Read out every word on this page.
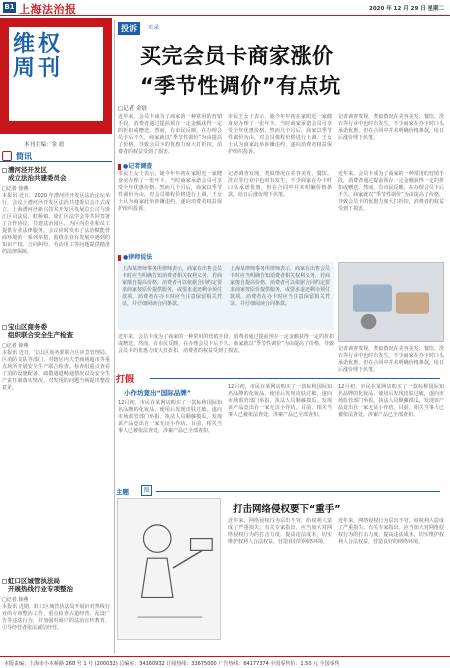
B1 上海法治报	2020 年 12 月 29 日 星期二
维权
周刊
Right-protection Weekly
本刊主编：金 晨
简讯
漕河泾开发区
成立法治共建委员会
□记者 徐燕
本报讯 近日，2020 年漕河泾开发区法治论坛举行，会议上漕河泾开发区法治共建委员会正式成立。上海漕河泾新兴技术开发区发展总公司与徐汇区司法局、虹桥镇、徐汇区法学会等共同签署了合作协议，共建法治园区，为区内企业和员工提供专业法律服务。会议同时发布了法治赋能营商环境的一系列举措，围绕企业在发展中遇到的知识产权、合同纠纷、劳动用工等问题提供精准的法律保障。
宝山区商务委
组织联合安全生产检查
□记者 徐燕
本报讯 近日，宝山区商务委联合区应急管理局、区消防支队等部门，对辖区内大型商场超市等重点场所开展安全生产联合检查。检查组重点查看了消防设施配备、疏散通道畅通情况以及安全生产责任制落实情况，对发现的问题当场提出整改意见。
虹口区城管执法局
开展热线行业专项整治
□记者 徐燕
本报讯 近期，虹口区城管执法局开展针对热线行业的专项整治工作，重点检查占道经营、乱设广告等违法行为，并加强对商户的法治宣传教育，引导经营者依法诚信经营。
投诉	实录
买完会员卡商家涨价
“季节性调价”有点坑
□记者 金晨
近年来，会员卡成为了商家的一种常用的营销手段，消费者通过提前预存一定金额获得一定的折扣或赠送。然而，有市民反映，在办理会员卡后不久，商家就以“季节性调价”为由提高了价格，导致会员卡的优惠力度大打折扣，消费者的权益受到了损害。
市民王女士表示，她今年年初在家附近一家健身房办理了一张年卡，当时商家承诺会员可享受全年优惠价格。然而几个月后，商家以季节性调价为由，对会员课程价格进行上调，王女士认为商家此举涉嫌违约，遂向消费者权益保护组织投诉。
记者调查发现，类似情况在美容美发、餐饮、洗衣等行业中也时有发生。不少商家在办卡时口头承诺优惠，但在合同中并未明确价格条款，给日后涨价埋下伏笔。
●记者调查
市民王女士表示，她今年年初在家附近一家健身房办理了一张年卡，当时商家承诺会员可享受全年优惠价格。然而几个月后，商家以季节性调价为由，对会员课程价格进行上调，王女士认为商家此举涉嫌违约，遂向消费者权益保护组织投诉。
记者调查发现，类似情况在美容美发、餐饮、洗衣等行业中也时有发生。不少商家在办卡时口头承诺优惠，但在合同中并未明确价格条款，给日后涨价埋下伏笔。
近年来，会员卡成为了商家的一种常用的营销手段，消费者通过提前预存一定金额获得一定的折扣或赠送。然而，有市民反映，在办理会员卡后不久，商家就以“季节性调价”为由提高了价格，导致会员卡的优惠力度大打折扣，消费者的权益受到了损害。
●律师说法
上海某律师事务所律师表示，商家在出售会员卡时应当明确告知消费者相关权利义务，若商家擅自提高价格，消费者可以依据合同约定要求商家按原价提供服务，或要求退还剩余预付款项。消费者在办卡时应当注意保留相关凭证，并仔细阅读合同条款。
上海某律师事务所律师表示，商家在出售会员卡时应当明确告知消费者相关权利义务，若商家擅自提高价格，消费者可以依据合同约定要求商家按原价提供服务，或要求退还剩余预付款项。消费者在办卡时应当注意保留相关凭证，并仔细阅读合同条款。
近年来，会员卡成为了商家的一种常用的营销手段，消费者通过提前预存一定金额获得一定的折扣或赠送。然而，有市民反映，在办理会员卡后不久，商家就以“季节性调价”为由提高了价格，导致会员卡的优惠力度大打折扣，消费者的权益受到了损害。	记者调查发现，类似情况在美容美发、餐饮、洗衣等行业中也时有发生。不少商家在办卡时口头承诺优惠，但在合同中并未明确价格条款，给日后涨价埋下伏笔。
打假
小作坊竟出“国际品牌”
12月初，市民在某网店购买了一款标称国际知名品牌的化妆品，使用后发现皮肤过敏，遂向市场监管部门举报。执法人员顺藤摸瓜，发现该产品竟出自一家无证小作坊。目前，相关当事人已被依法查处，涉案产品已全部查扣。
12月初，市民在某网店购买了一款标称国际知名品牌的化妆品，使用后发现皮肤过敏，遂向市场监管部门举报。执法人员顺藤摸瓜，发现该产品竟出自一家无证小作坊。目前，相关当事人已被依法查处，涉案产品已全部查扣。
12月初，市民在某网店购买了一款标称国际知名品牌的化妆品，使用后发现皮肤过敏，遂向市场监管部门举报。执法人员顺藤摸瓜，发现该产品竟出自一家无证小作坊。目前，相关当事人已被依法查处，涉案产品已全部查扣。
主题	图
打击网络侵权要下“重手”
近年来，网络侵权行为层出不穷，给权利人造成了严重损失。有关专家指出，应当加大对网络侵权行为的打击力度，提高违法成本，切实维护权利人合法权益，营造良好的网络环境。
近年来，网络侵权行为层出不穷，给权利人造成了严重损失。有关专家指出，应当加大对网络侵权行为的打击力度，提高违法成本，切实维护权利人合法权益，营造良好的网络环境。
本版责编：上海市小木桥路 268 号 1 号 (200032) 总编室：34160932 订阅热线：33675000 广告热线：64177374 全国零售价：1.50 元 全国零售
